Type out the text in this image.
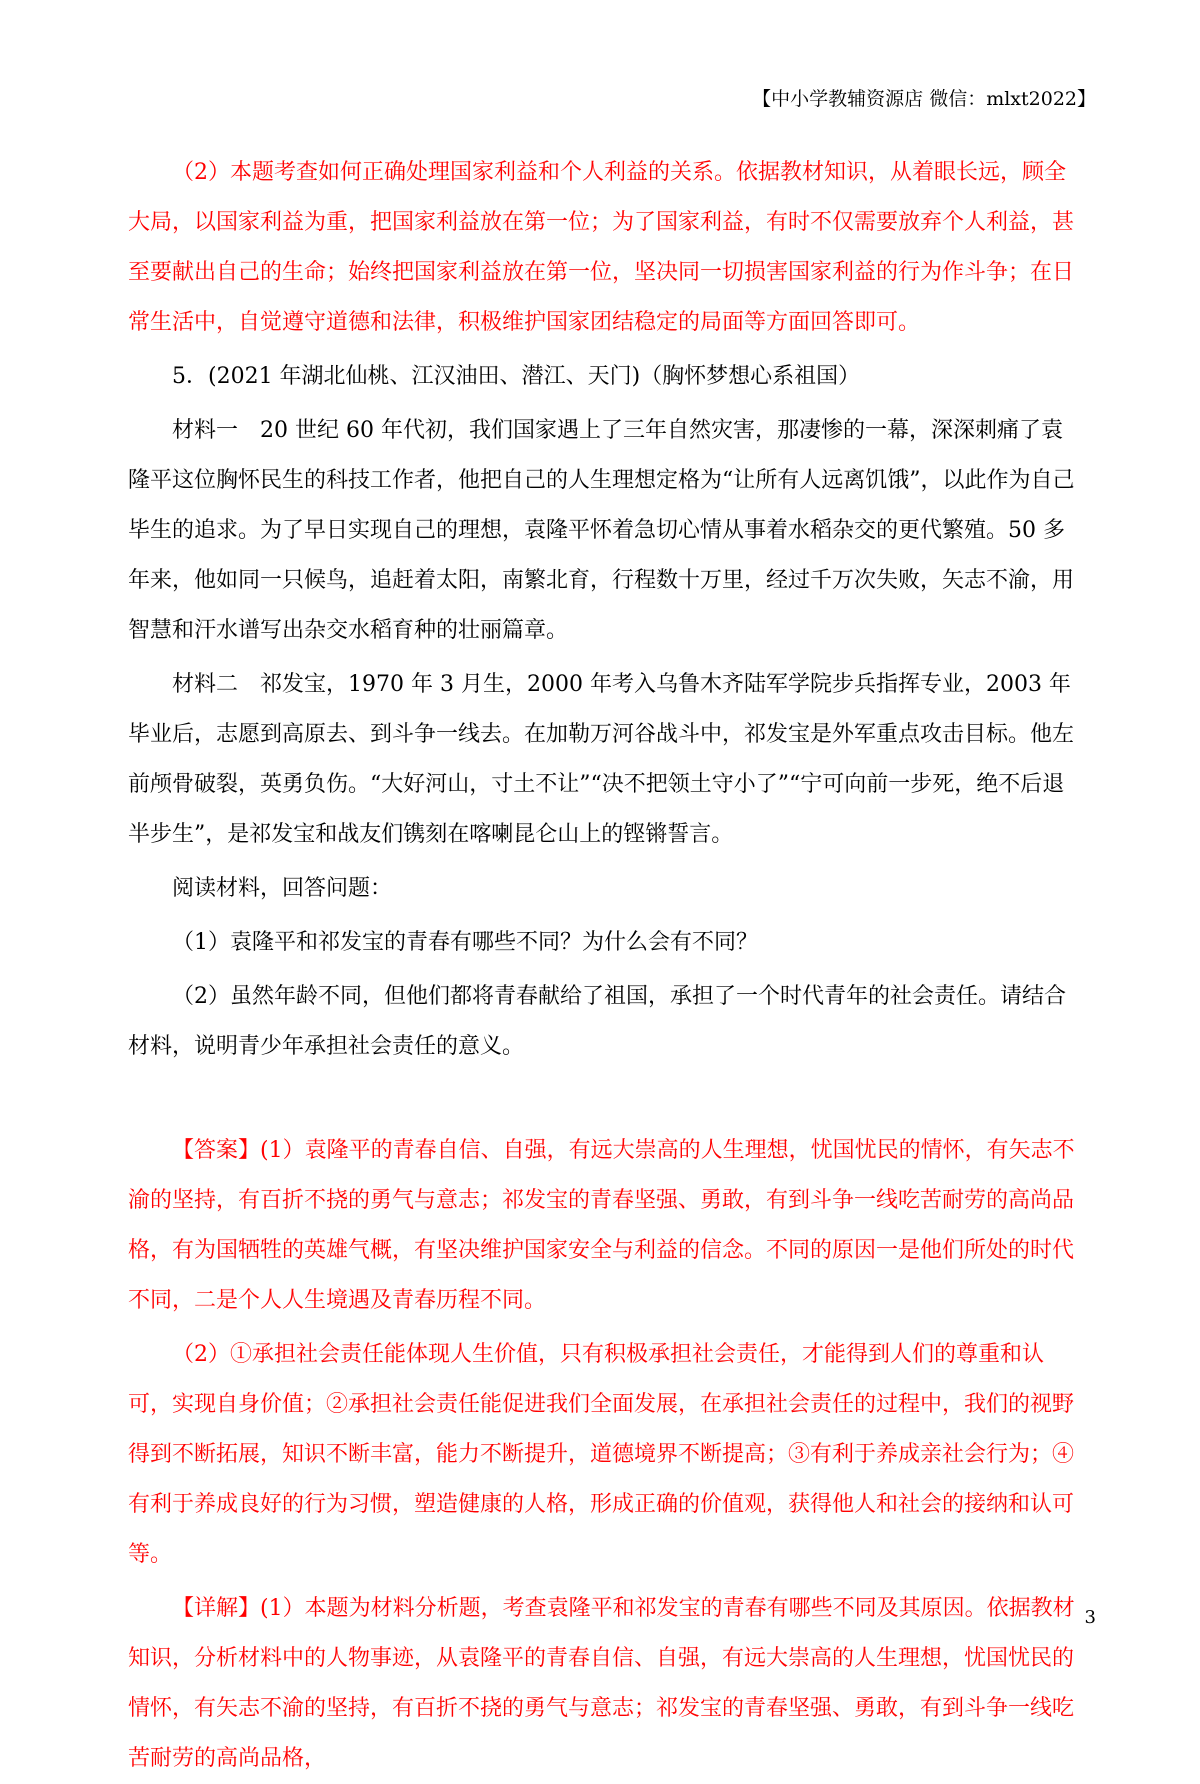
【中小学教辅资源店 微信：mlxt2022】

（2）本题考查如何正确处理国家利益和个人利益的关系。依据教材知识，从着眼长远，顾全大局，以国家利益为重，把国家利益放在第一位；为了国家利益，有时不仅需要放弃个人利益，甚至要献出自己的生命；始终把国家利益放在第一位，坚决同一切损害国家利益的行为作斗争；在日常生活中，自觉遵守道德和法律，积极维护国家团结稳定的局面等方面回答即可。

5．(2021 年湖北仙桃、江汉油田、潜江、天门)（胸怀梦想心系祖国）

材料一　20 世纪 60 年代初，我们国家遇上了三年自然灾害，那凄惨的一幕，深深刺痛了袁隆平这位胸怀民生的科技工作者，他把自己的人生理想定格为“让所有人远离饥饿”，以此作为自己毕生的追求。为了早日实现自己的理想，袁隆平怀着急切心情从事着水稻杂交的更代繁殖。50 多年来，他如同一只候鸟，追赶着太阳，南繁北育，行程数十万里，经过千万次失败，矢志不渝，用智慧和汗水谱写出杂交水稻育种的壮丽篇章。

材料二　祁发宝，1970 年 3 月生，2000 年考入乌鲁木齐陆军学院步兵指挥专业，2003 年毕业后，志愿到高原去、到斗争一线去。在加勒万河谷战斗中，祁发宝是外军重点攻击目标。他左前颅骨破裂，英勇负伤。“大好河山，寸土不让”“决不把领土守小了”“宁可向前一步死，绝不后退半步生”，是祁发宝和战友们镌刻在喀喇昆仑山上的铿锵誓言。

阅读材料，回答问题：

（1）袁隆平和祁发宝的青春有哪些不同？为什么会有不同？

（2）虽然年龄不同，但他们都将青春献给了祖国，承担了一个时代青年的社会责任。请结合材料，说明青少年承担社会责任的意义。

【答案】(1）袁隆平的青春自信、自强，有远大崇高的人生理想，忧国忧民的情怀，有矢志不渝的坚持，有百折不挠的勇气与意志；祁发宝的青春坚强、勇敢，有到斗争一线吃苦耐劳的高尚品格，有为国牺牲的英雄气概，有坚决维护国家安全与利益的信念。不同的原因一是他们所处的时代不同，二是个人人生境遇及青春历程不同。

（2）①承担社会责任能体现人生价值，只有积极承担社会责任，才能得到人们的尊重和认可，实现自身价值；②承担社会责任能促进我们全面发展，在承担社会责任的过程中，我们的视野得到不断拓展，知识不断丰富，能力不断提升，道德境界不断提高；③有利于养成亲社会行为；④有利于养成良好的行为习惯，塑造健康的人格，形成正确的价值观，获得他人和社会的接纳和认可等。

【详解】(1）本题为材料分析题，考查袁隆平和祁发宝的青春有哪些不同及其原因。依据教材知识，分析材料中的人物事迹，从袁隆平的青春自信、自强，有远大崇高的人生理想，忧国忧民的情怀，有矢志不渝的坚持，有百折不挠的勇气与意志；祁发宝的青春坚强、勇敢，有到斗争一线吃苦耐劳的高尚品格，

3
